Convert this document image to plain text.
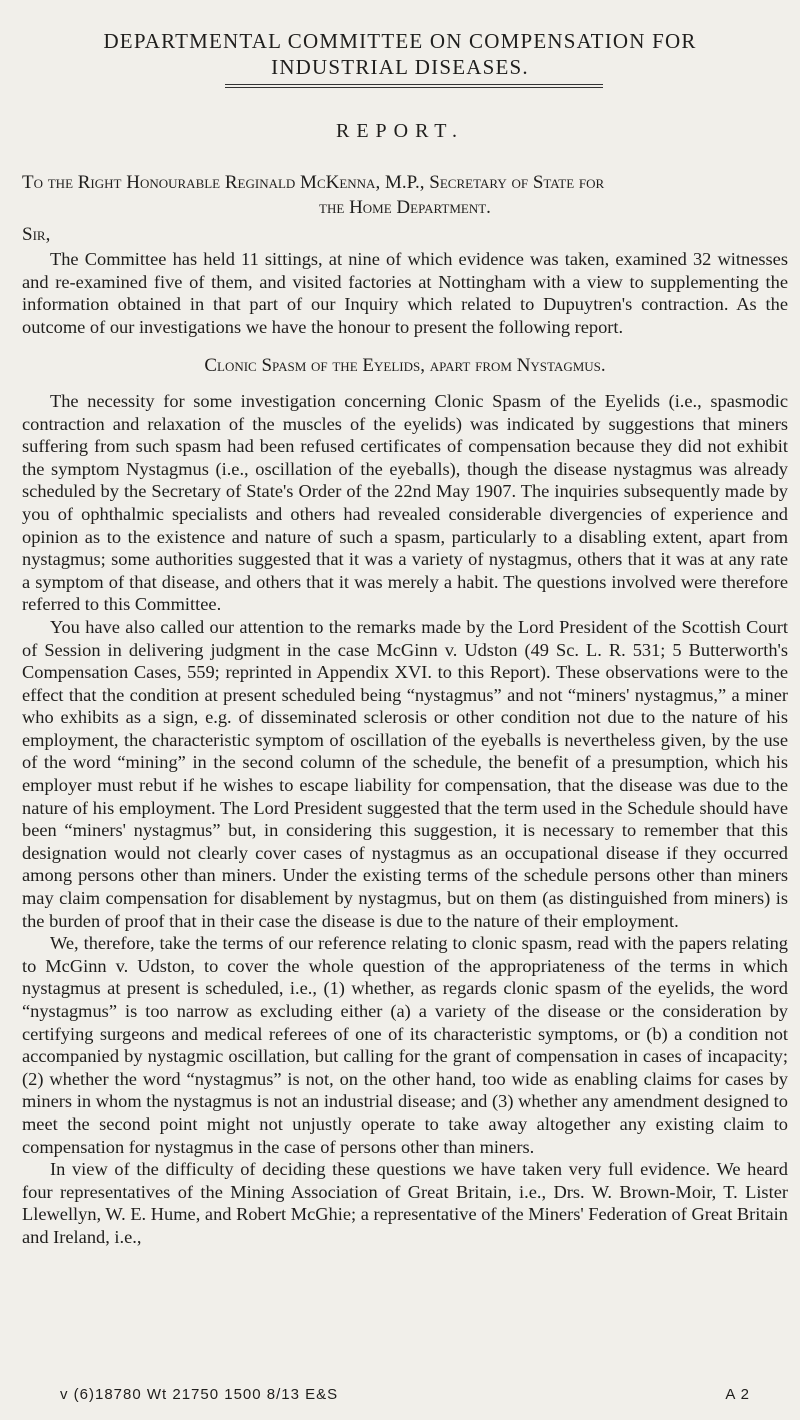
DEPARTMENTAL COMMITTEE ON COMPENSATION FOR
INDUSTRIAL DISEASES.
REPORT.
To the Right Honourable Reginald McKenna, M.P., Secretary of State for
the Home Department.
Sir,

The Committee has held 11 sittings, at nine of which evidence was taken, examined 32 witnesses and re-examined five of them, and visited factories at Nottingham with a view to supplementing the information obtained in that part of our Inquiry which related to Dupuytren's contraction. As the outcome of our investigations we have the honour to present the following report.

Clonic Spasm of the Eyelids, apart from Nystagmus.

The necessity for some investigation concerning Clonic Spasm of the Eyelids (i.e., spasmodic contraction and relaxation of the muscles of the eyelids) was indicated by suggestions that miners suffering from such spasm had been refused certificates of compensation because they did not exhibit the symptom Nystagmus (i.e., oscillation of the eyeballs), though the disease nystagmus was already scheduled by the Secretary of State's Order of the 22nd May 1907. The inquiries subsequently made by you of ophthalmic specialists and others had revealed considerable divergencies of experience and opinion as to the existence and nature of such a spasm, particularly to a disabling extent, apart from nystagmus; some authorities suggested that it was a variety of nystagmus, others that it was at any rate a symptom of that disease, and others that it was merely a habit. The questions involved were therefore referred to this Committee.

You have also called our attention to the remarks made by the Lord President of the Scottish Court of Session in delivering judgment in the case McGinn v. Udston (49 Sc. L. R. 531; 5 Butterworth's Compensation Cases, 559; reprinted in Appendix XVI. to this Report). These observations were to the effect that the condition at present scheduled being “nystagmus” and not “miners' nystagmus,” a miner who exhibits as a sign, e.g. of disseminated sclerosis or other condition not due to the nature of his employment, the characteristic symptom of oscillation of the eyeballs is nevertheless given, by the use of the word “mining” in the second column of the schedule, the benefit of a presumption, which his employer must rebut if he wishes to escape liability for compensation, that the disease was due to the nature of his employment. The Lord President suggested that the term used in the Schedule should have been “miners' nystagmus” but, in considering this suggestion, it is necessary to remember that this designation would not clearly cover cases of nystagmus as an occupational disease if they occurred among persons other than miners. Under the existing terms of the schedule persons other than miners may claim compensation for disablement by nystagmus, but on them (as distinguished from miners) is the burden of proof that in their case the disease is due to the nature of their employment.

We, therefore, take the terms of our reference relating to clonic spasm, read with the papers relating to McGinn v. Udston, to cover the whole question of the appropriateness of the terms in which nystagmus at present is scheduled, i.e., (1) whether, as regards clonic spasm of the eyelids, the word “nystagmus” is too narrow as excluding either (a) a variety of the disease or the consideration by certifying surgeons and medical referees of one of its characteristic symptoms, or (b) a condition not accompanied by nystagmic oscillation, but calling for the grant of compensation in cases of incapacity; (2) whether the word “nystagmus” is not, on the other hand, too wide as enabling claims for cases by miners in whom the nystagmus is not an industrial disease; and (3) whether any amendment designed to meet the second point might not unjustly operate to take away altogether any existing claim to compensation for nystagmus in the case of persons other than miners.

In view of the difficulty of deciding these questions we have taken very full evidence. We heard four representatives of the Mining Association of Great Britain, i.e., Drs. W. Brown-Moir, T. Lister Llewellyn, W. E. Hume, and Robert McGhie; a representative of the Miners' Federation of Great Britain and Ireland, i.e.,

v (6)18780 Wt 21750 1500 8/13 E&S	A 2
